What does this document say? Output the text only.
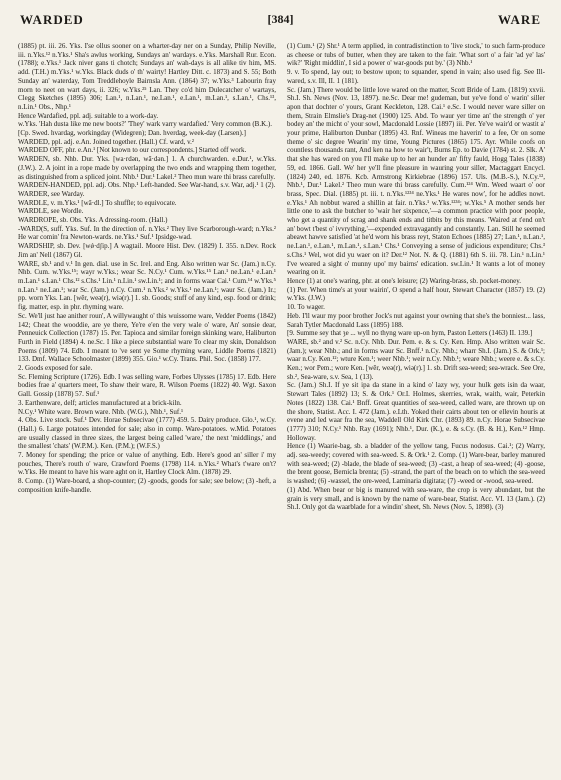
WARDED	[384]	WARE

(1885) pt. iii. 26. Yks. I'se ollus sooner on a wharter-day ner on a Sunday, Philip Neville, iii. n.Yks.¹² n.Yks.¹ Sha's awlus working, Sundays an' wardays. e.Yks. Marshall Rur. Econ. (1788); e.Yks.¹ Jack niver gans ti chotch; Sundays an' wah-days is all alike tiv him, MS. add. (T.H.) m.Yks.¹ w.Yks. Black duds o' th' wairty! Hartley Ditt. c. 1873) and S. 55; Both Sunday an' waterday, Tom Treddlehoyle Bairnsla Ann. (1864) 37; w.Yks.³ Labourin fray morn to neet on wart days, ii. 326; w.Yks.²⁵ Lan. They co'd him Dulecatcher o' wartays, Clegg Sketches (1895) 306; Lan.¹, n.Lan.¹, ne.Lan.¹, e.Lan.¹, m.Lan.¹, s.Lan.¹, Chs.¹³, n.Lin.¹ Obs., Nhp.¹

Hence Wardafied, ppl. adj. suitable to a work-day.

w.Yks. 'Hah dusta like me new boots?' 'They' wark varry wardafied.' Very common (B.K.).

[Cp. Swed. hvardag, workingday (Widegren); Dan. hverdag, week-day (Larsen).]

WARDED, ppl. adj. e.An. Joined together. (Hall.) Cf. ward, v.²

WARDED OFF, phr. e.An.¹ [Not known to our correspondents.] Started off work.

WARDEN, sb. Nhb. Dur. Yks. [wa·rdən, wā·dən.] 1. A churchwarden. e.Dur.¹, w.Yks. (J.W.). 2. A joint in a rope made by overlapping the two ends and wrapping them together, as distinguished from a spliced joint. Nhb.¹ Dur.¹ Lakel.² Theo mun ware thi brass carefully.

WARDEN-HANDED, ppl. adj. Obs. Nhp.¹ Left-handed. See War-hand, s.v. War, adj.¹ 1 (2).

WARDER, see Warday.

WARDLE, v. m.Yks.¹ [wā·dl.] To shuffle; to equivocate.

WARDLE, see Wordle.

WARDROPE, sb. Obs. Yks. A dressing-room. (Hall.)

-WARD(S, suff. Yks. Suf. In the direction of. n.Yks.² They live Scarborough-ward; n.Yks.² He war comin' fra Newton-wards. ne.Yks.¹ Suf.¹ Ipsidge-wad.

WARDSHIP, sb. Dev. [wǿ·dʃip.] A wagtail. Moore Hist. Dev. (1829) I. 355. n.Dev. Rock Jim an' Nell (1867) Gl.

WARE, sb.¹ and v.¹ In gen. dial. use in Sc. Irel. and Eng. Also written war Sc. (Jam.) n.Cy. Nhb. Cum. w.Yks.¹⁵; wayr w.Yks.; wear Sc. N.Cy.¹ Cum. w.Yks.¹⁵ Lan.¹ ne.Lan.¹ e.Lan.¹ m.Lan.¹ s.Lan.¹ Chs.¹² s.Chs.¹ Lin.¹ n.Lin.¹ sw.Lin.¹; and in forms waar Cai.¹ Cum.¹⁴ w.Yks.⁵ n.Lan.¹ ne.Lan.¹; war Sc. (Jam.) n.Cy. Cum.¹ n.Yks.² w.Yks.¹ ne.Lan.¹; waur Sc. (Jam.) Ir.; pp. worn Yks. Lan. [wēr, weə(r), wiə(r).] 1. sb. Goods; stuff of any kind, esp. food or drink; fig. matter, esp. in phr. rhyming ware.

Sc. We'll just hae anither roun', A willywaught o' this wuissome ware, Vedder Poems (1842) 142; Cheat the wooddie, are ye there, Ye're e'en the very wale o' ware, An' sonsie dear, Penneuick Collection (1787) 15. Per. Tapioca and similar foreign skinking ware, Haliburton Furth in Field (1894) 4. ne.Sc. I like a piece substantial ware To clear my skin, Donaldson Poems (1809) 74. Edb. I meant to 've sent ye Some rhyming ware, Liddle Poems (1821) 133. Dmf. Wallace Schoolmaster (1899) 355. Gio.¹ w.Cy. Trans. Phil. Soc. (1858) 177.

2. Goods exposed for sale.

Sc. Fleming Scripture (1726). Edb. I was selling ware, Forbes Ulysses (1785) 17. Edb. Here bodies frae a' quarters meet, To shaw their ware, R. Wilson Poems (1822) 40. Wgt. Saxon Gall. Gossip (1878) 57. Suf.¹

3. Earthenware, delf; articles manufactured at a brick-kiln.

N.Cy.¹ White ware. Brown ware. Nhb. (W.G.), Nhb.¹, Suf.¹

4. Obs. Live stock. Suf.¹ Dev. Horae Subsecivae (1777) 459. 5. Dairy produce. Glo.¹, w.Cy. (Hall.) 6. Large potatoes intended for sale; also in comp. Ware-potatoes. w.Mid. Potatoes are usually classed in three sizes, the largest being called 'ware,' the next 'middlings,' and the smallest 'chats' (W.P.M.). Ken. (P.M.); (W.F.S.)

7. Money for spending; the price or value of anything. Edb. Here's good an' siller i' my pouches, There's routh o' ware, Crawford Poems (1798) 114. n.Yks.² What's t'ware on't? w.Yks. He meant to have his ware aght on it, Hartley Clock Alm. (1878) 29.

8. Comp. (1) Ware-board, a shop-counter; (2) -goods, goods for sale; see below; (3) -heft, a composition knife-handle.

(1) Cum.¹ (2) Shr.¹ A term applied, in contradistinction to 'live stock,' to such farm-produce as cheese or tubs of butter, when they are taken to the fair. 'What sort o' a fair 'ad ye' las' wik?' 'Right middlin', I sid a power o' war-goods put by.' (3) Nhb.¹

9. v. To spend, lay out; to bestow upon; to squander, spend in vain; also used fig. See Ill-wared, s.v. Ill, II. 1 (181).

Sc. (Jam.) There would be little love wared on the matter, Scott Bride of Lam. (1819) xxvii. Sh.I. Sh. News (Nov. 13, 1897). ne.Sc. Dear me! gudeman, but ye've fond o' warin' siller apon that dochter o' yours, Grant Keckleton, 128. Cai.¹ e.Sc. I would never ware siller on them, Strain Elmslie's Drag-net (1900) 125. Abd. To waur yer time an' the strength o' yer bodey an' the micht o' your sowl, Macdonald Lossie (1897) iii. Per. Ye've wair'd or wastit a' your prime, Haliburton Dunbar (1895) 43. Rnf. Wineas me haverin' to a fee, Or on some theme o' sic degree Wearin' my time, Young Pictures (1865) 175. Ayr. While coofs on countless thousands rant, And ken na how to wair't, Burns Ep. to Davie (1784) st. 2. Slk. A' that she has wared on you I'll make up to her an hunder an' fifty fauld, Hogg Tales (1838) 59, ed. 1866. Gall. We' her ye'll fine pleasure in wauring your siller, Mactaggart Encycl. (1824) 240, ed. 1876. Kcb. Armstrong Kirkiebrae (1896) 157. Uls. (M.B.-S.), N.Cy.¹², Nhb.¹, Dur.¹ Lakel.² Theo mun ware thi brass carefully. Cum.¹²⁴ Wm. Weed waart o' oor brass, Spec. Dial. (1885) pt. iii. t. n.Yks.¹²³⁴ ne.Yks.¹ He wares now', for he addles nowt. e.Yks.¹ Ah nobbut wared a shillin at fair. n.Yks.¹ w.Yks.¹²³⁴; w.Yks.⁵ A mother sends her little one to ask the butcher to 'wair her sixpence,'—a common practice with poor people, who get a quantity of scrag and shank ends and titbits by this means. 'Waired at t'end on't an' bowt t'best o' ivvrything,'—expended extravagantly and constantly. Lan. Still he seemed abeawt hawve satisfied 'at he'd worn his brass reyt, Staton Echoes (1885) 27; Lan.¹, n.Lan.¹, ne.Lan.¹, e.Lan.¹, m.Lan.¹, s.Lan.¹ Chs.¹ Conveying a sense of judicious expenditure; Chs.³ s.Chs.¹ Wel, wot did yu waer on it? Der.¹² Not. N. & Q. (1881) 6th S. iii. 78. Lin.¹ n.Lin.¹ I've weared a sight o' munny upo' my bairns' edication. sw.Lin.¹ It wants a lot of money wearing on it.

Hence (1) at one's waring, phr. at one's leisure; (2) Waring-brass, sb. pocket-money.

(1) Per. When time's at your wairin', O spend a half hour, Stewart Character (1857) 19. (2) w.Yks. (J.W.)

10. To wager.

Heb. I'll waur my poor brother Jock's nut against your owning that she's the bonniest... lass, Sarah Tytler Macdonald Lass (1895) 188.

[9. Summe sey that ȝe ... wyll no thyng ware up-on hym, Paston Letters (1463) II. 139.]

WARE, sb.² and v.² Sc. n.Cy. Nhb. Dur. Pem. e. & s. Cy. Ken. Hmp. Also written wair Sc. (Jam.); wear Nhb.; and in forms waur Sc. Bnff.¹ n.Cy. Nhb.; wharr Sh.I. (Jam.) S. & Ork.¹; waar n.Cy. Ken.¹²; wture Ken.¹; weer Nhb.¹; weir n.Cy. Nhb.¹; weare Nhb.; weere e. & s.Cy. Ken.; wor Pem.; wore Ken. [wēr, weə(r), wiə(r).] 1. sb. Drift sea-weed; sea-wrack. See Ore, sb.², Sea-ware, s.v. Sea, 1 (13).

Sc. (Jam.) Sh.I. If ye sit ipa da stane in a kind o' lazy wy, your hulk gets isin da waar, Stewart Tales (1892) 13; S. & Ork.¹ Or.I. Holmes, skerries, wrak, waith, wair, Peterkin Notes (1822) 138. Cai.¹ Bnff. Great quantities of sea-weed, called ware, are thrown up on the shore, Statist. Acc. I. 472 (Jam.). e.Lth. Yoked their cairts about ten or ellevin houris at evene and led waar fra the sea, Waddell Old Kirk Chr. (1893) 89. n.Cy. Horae Subsecivae (1777) 310; N.Cy.¹ Nhb. Ray (1691); Nhb.¹, Dur. (K.), e. & s.Cy. (B. & H.), Ken.¹² Hmp. Holloway.

Hence (1) Waarie-bag, sb. a bladder of the yellow tang, Fucus nodosus. Cai.¹; (2) Warry, adj. sea-weedy; covered with sea-weed. S. & Ork.¹ 2. Comp. (1) Ware-bear, barley manured with sea-weed; (2) -blade, the blade of sea-weed; (3) -cast, a heap of sea-weed; (4) -goose, the brent goose, Bernicla brenta; (5) -strand, the part of the beach on to which the sea-weed is washed; (6) -wassel, the ore-weed, Laminaria digitata; (7) -weed or -wood, sea-weed.

(1) Abd. When bear or big is manured with sea-ware, the crop is very abundant, but the grain is very small, and is known by the name of ware-bear, Statist. Acc. VI. 13 (Jam.). (2) Sh.I. Only got da waarblade for a windin' sheet, Sh. News (Nov. 5, 1898). (3)
